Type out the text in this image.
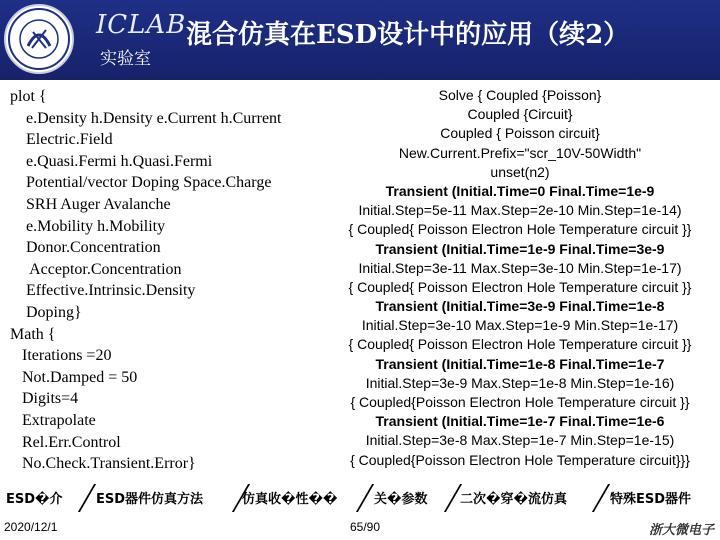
ICLAB
实验室
混合仿真在ESD设计中的应用（续2）
plot {
e.Density h.Density e.Current h.Current
Electric.Field
e.Quasi.Fermi h.Quasi.Fermi
Potential/vector Doping Space.Charge
SRH Auger Avalanche
e.Mobility h.Mobility
Donor.Concentration
Acceptor.Concentration
Effective.Intrinsic.Density
Doping}
Math {
Iterations =20
Not.Damped = 50
Digits=4
Extrapolate
Rel.Err.Control
No.Check.Transient.Error}
Solve { Coupled {Poisson}
Coupled {Circuit}
Coupled { Poisson circuit}
New.Current.Prefix="scr_10V-50Width"
unset(n2)
Transient (Initial.Time=0 Final.Time=1e-9
Initial.Step=5e-11 Max.Step=2e-10 Min.Step=1e-14)
{ Coupled{ Poisson Electron Hole Temperature circuit }}
Transient (Initial.Time=1e-9 Final.Time=3e-9
Initial.Step=3e-11 Max.Step=3e-10 Min.Step=1e-17)
{ Coupled{ Poisson Electron Hole Temperature circuit }}
Transient (Initial.Time=3e-9 Final.Time=1e-8
Initial.Step=3e-10 Max.Step=1e-9 Min.Step=1e-17)
{ Coupled{ Poisson Electron Hole Temperature circuit }}
Transient (Initial.Time=1e-8 Final.Time=1e-7
Initial.Step=3e-9 Max.Step=1e-8 Min.Step=1e-16)
{ Coupled{Poisson Electron Hole Temperature circuit }}
Transient (Initial.Time=1e-7 Final.Time=1e-6
Initial.Step=3e-8 Max.Step=1e-7 Min.Step=1e-15)
{ Coupled{Poisson Electron Hole Temperature circuit}}}
ESD�介	ESD器件仿真方法	仿真收�性��	关�参数	二次�穿�流仿真	特殊ESD器件
2020/12/1	65/90	浙大微电子
